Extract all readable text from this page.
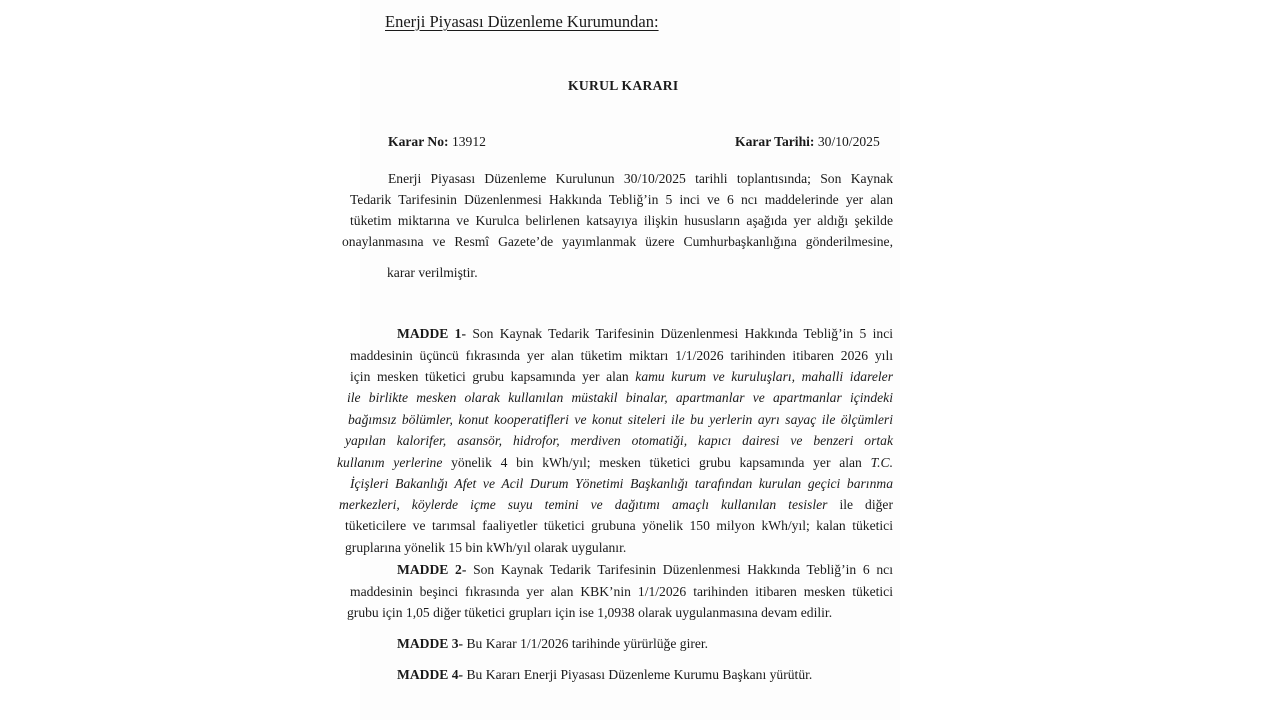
Enerji Piyasası Düzenleme Kurumundan:
KURUL KARARI
Karar No: 13912	Karar Tarihi: 30/10/2025
Enerji Piyasası Düzenleme Kurulunun 30/10/2025 tarihli toplantısında; Son Kaynak
Tedarik Tarifesinin Düzenlenmesi Hakkında Tebliğ’in 5 inci ve 6 ncı maddelerinde yer alan
tüketim miktarına ve Kurulca belirlenen katsayıya ilişkin hususların aşağıda yer aldığı şekilde
onaylanmasına ve Resmî Gazete’de yayımlanmak üzere Cumhurbaşkanlığına gönderilmesine,
karar verilmiştir.
MADDE 1- Son Kaynak Tedarik Tarifesinin Düzenlenmesi Hakkında Tebliğ’in 5 inci
maddesinin üçüncü fıkrasında yer alan tüketim miktarı 1/1/2026 tarihinden itibaren 2026 yılı
için mesken tüketici grubu kapsamında yer alan kamu kurum ve kuruluşları, mahalli idareler
ile birlikte mesken olarak kullanılan müstakil binalar, apartmanlar ve apartmanlar içindeki
bağımsız bölümler, konut kooperatifleri ve konut siteleri ile bu yerlerin ayrı sayaç ile ölçümleri
yapılan kalorifer, asansör, hidrofor, merdiven otomatiği, kapıcı dairesi ve benzeri ortak
kullanım yerlerine yönelik 4 bin kWh/yıl; mesken tüketici grubu kapsamında yer alan T.C.
İçişleri Bakanlığı Afet ve Acil Durum Yönetimi Başkanlığı tarafından kurulan geçici barınma
merkezleri, köylerde içme suyu temini ve dağıtımı amaçlı kullanılan tesisler ile diğer
tüketicilere ve tarımsal faaliyetler tüketici grubuna yönelik 150 milyon kWh/yıl; kalan tüketici
gruplarına yönelik 15 bin kWh/yıl olarak uygulanır.
MADDE 2- Son Kaynak Tedarik Tarifesinin Düzenlenmesi Hakkında Tebliğ’in 6 ncı
maddesinin beşinci fıkrasında yer alan KBK’nin 1/1/2026 tarihinden itibaren mesken tüketici
grubu için 1,05 diğer tüketici grupları için ise 1,0938 olarak uygulanmasına devam edilir.
MADDE 3- Bu Karar 1/1/2026 tarihinde yürürlüğe girer.
MADDE 4- Bu Kararı Enerji Piyasası Düzenleme Kurumu Başkanı yürütür.
